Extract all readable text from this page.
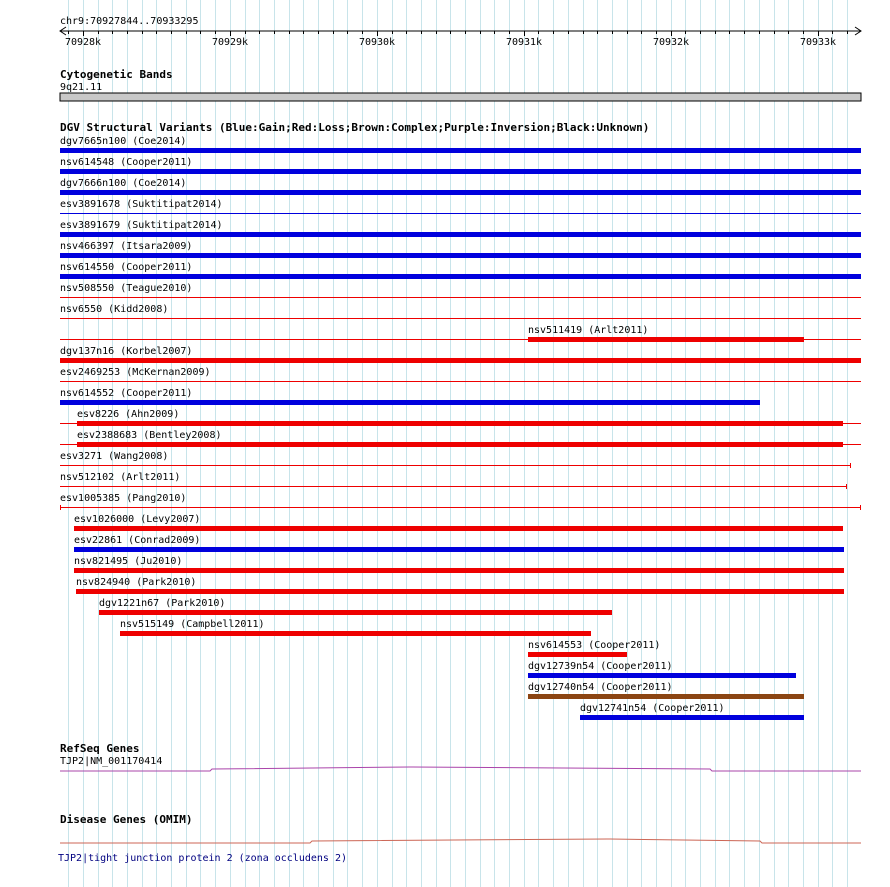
chr9:70927844..70933295
70928k	70929k	70930k	70931k	70932k	70933k
Cytogenetic Bands
9q21.11
DGV Structural Variants (Blue:Gain;Red:Loss;Brown:Complex;Purple:Inversion;Black:Unknown)
dgv7665n100 (Coe2014)
nsv614548 (Cooper2011)
dgv7666n100 (Coe2014)
esv3891678 (Suktitipat2014)
esv3891679 (Suktitipat2014)
nsv466397 (Itsara2009)
nsv614550 (Cooper2011)
nsv508550 (Teague2010)
nsv6550 (Kidd2008)
nsv511419 (Arlt2011)
dgv137n16 (Korbel2007)
esv2469253 (McKernan2009)
nsv614552 (Cooper2011)
esv8226 (Ahn2009)
esv2388683 (Bentley2008)
esv3271 (Wang2008)
nsv512102 (Arlt2011)
esv1005385 (Pang2010)
esv1026000 (Levy2007)
esv22861 (Conrad2009)
nsv821495 (Ju2010)
nsv824940 (Park2010)
dgv1221n67 (Park2010)
nsv515149 (Campbell2011)
nsv614553 (Cooper2011)
dgv12739n54 (Cooper2011)
dgv12740n54 (Cooper2011)
dgv12741n54 (Cooper2011)
RefSeq Genes
TJP2|NM_001170414
Disease Genes (OMIM)
TJP2|tight junction protein 2 (zona occludens 2)
